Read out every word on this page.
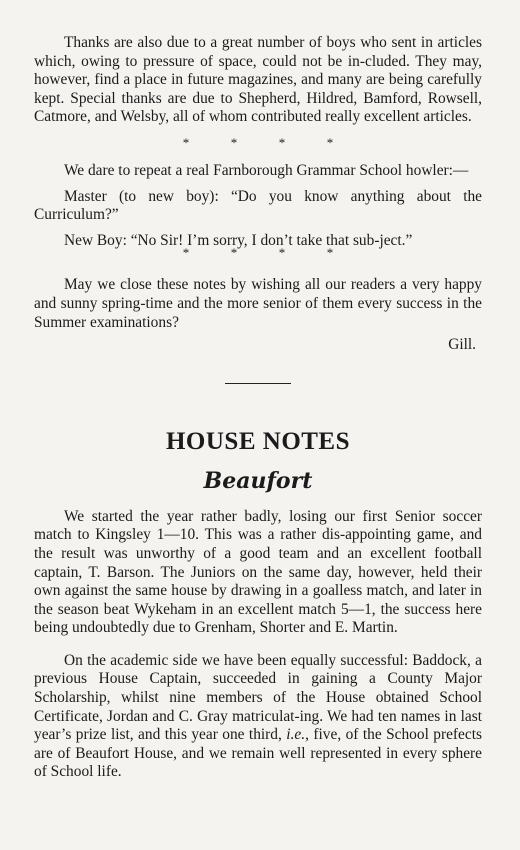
Thanks are also due to a great number of boys who sent in articles which, owing to pressure of space, could not be in-cluded. They may, however, find a place in future magazines, and many are being carefully kept. Special thanks are due to Shepherd, Hildred, Bamford, Rowsell, Catmore, and Welsby, all of whom contributed really excellent articles.

*	*	*	*

We dare to repeat a real Farnborough Grammar School howler:—

Master (to new boy): “Do you know anything about the Curriculum?”

New Boy: “No Sir! I’m sorry, I don’t take that sub-ject.”

*	*	*	*

May we close these notes by wishing all our readers a very happy and sunny spring-time and the more senior of them every success in the Summer examinations?

Gill.

HOUSE NOTES
Beaufort

We started the year rather badly, losing our first Senior soccer match to Kingsley 1—10. This was a rather dis-appointing game, and the result was unworthy of a good team and an excellent football captain, T. Barson. The Juniors on the same day, however, held their own against the same house by drawing in a goalless match, and later in the season beat Wykeham in an excellent match 5—1, the success here being undoubtedly due to Grenham, Shorter and E. Martin.

On the academic side we have been equally successful: Baddock, a previous House Captain, succeeded in gaining a County Major Scholarship, whilst nine members of the House obtained School Certificate, Jordan and C. Gray matriculat-ing. We had ten names in last year’s prize list, and this year one third, i.e., five, of the School prefects are of Beaufort House, and we remain well represented in every sphere of School life.
